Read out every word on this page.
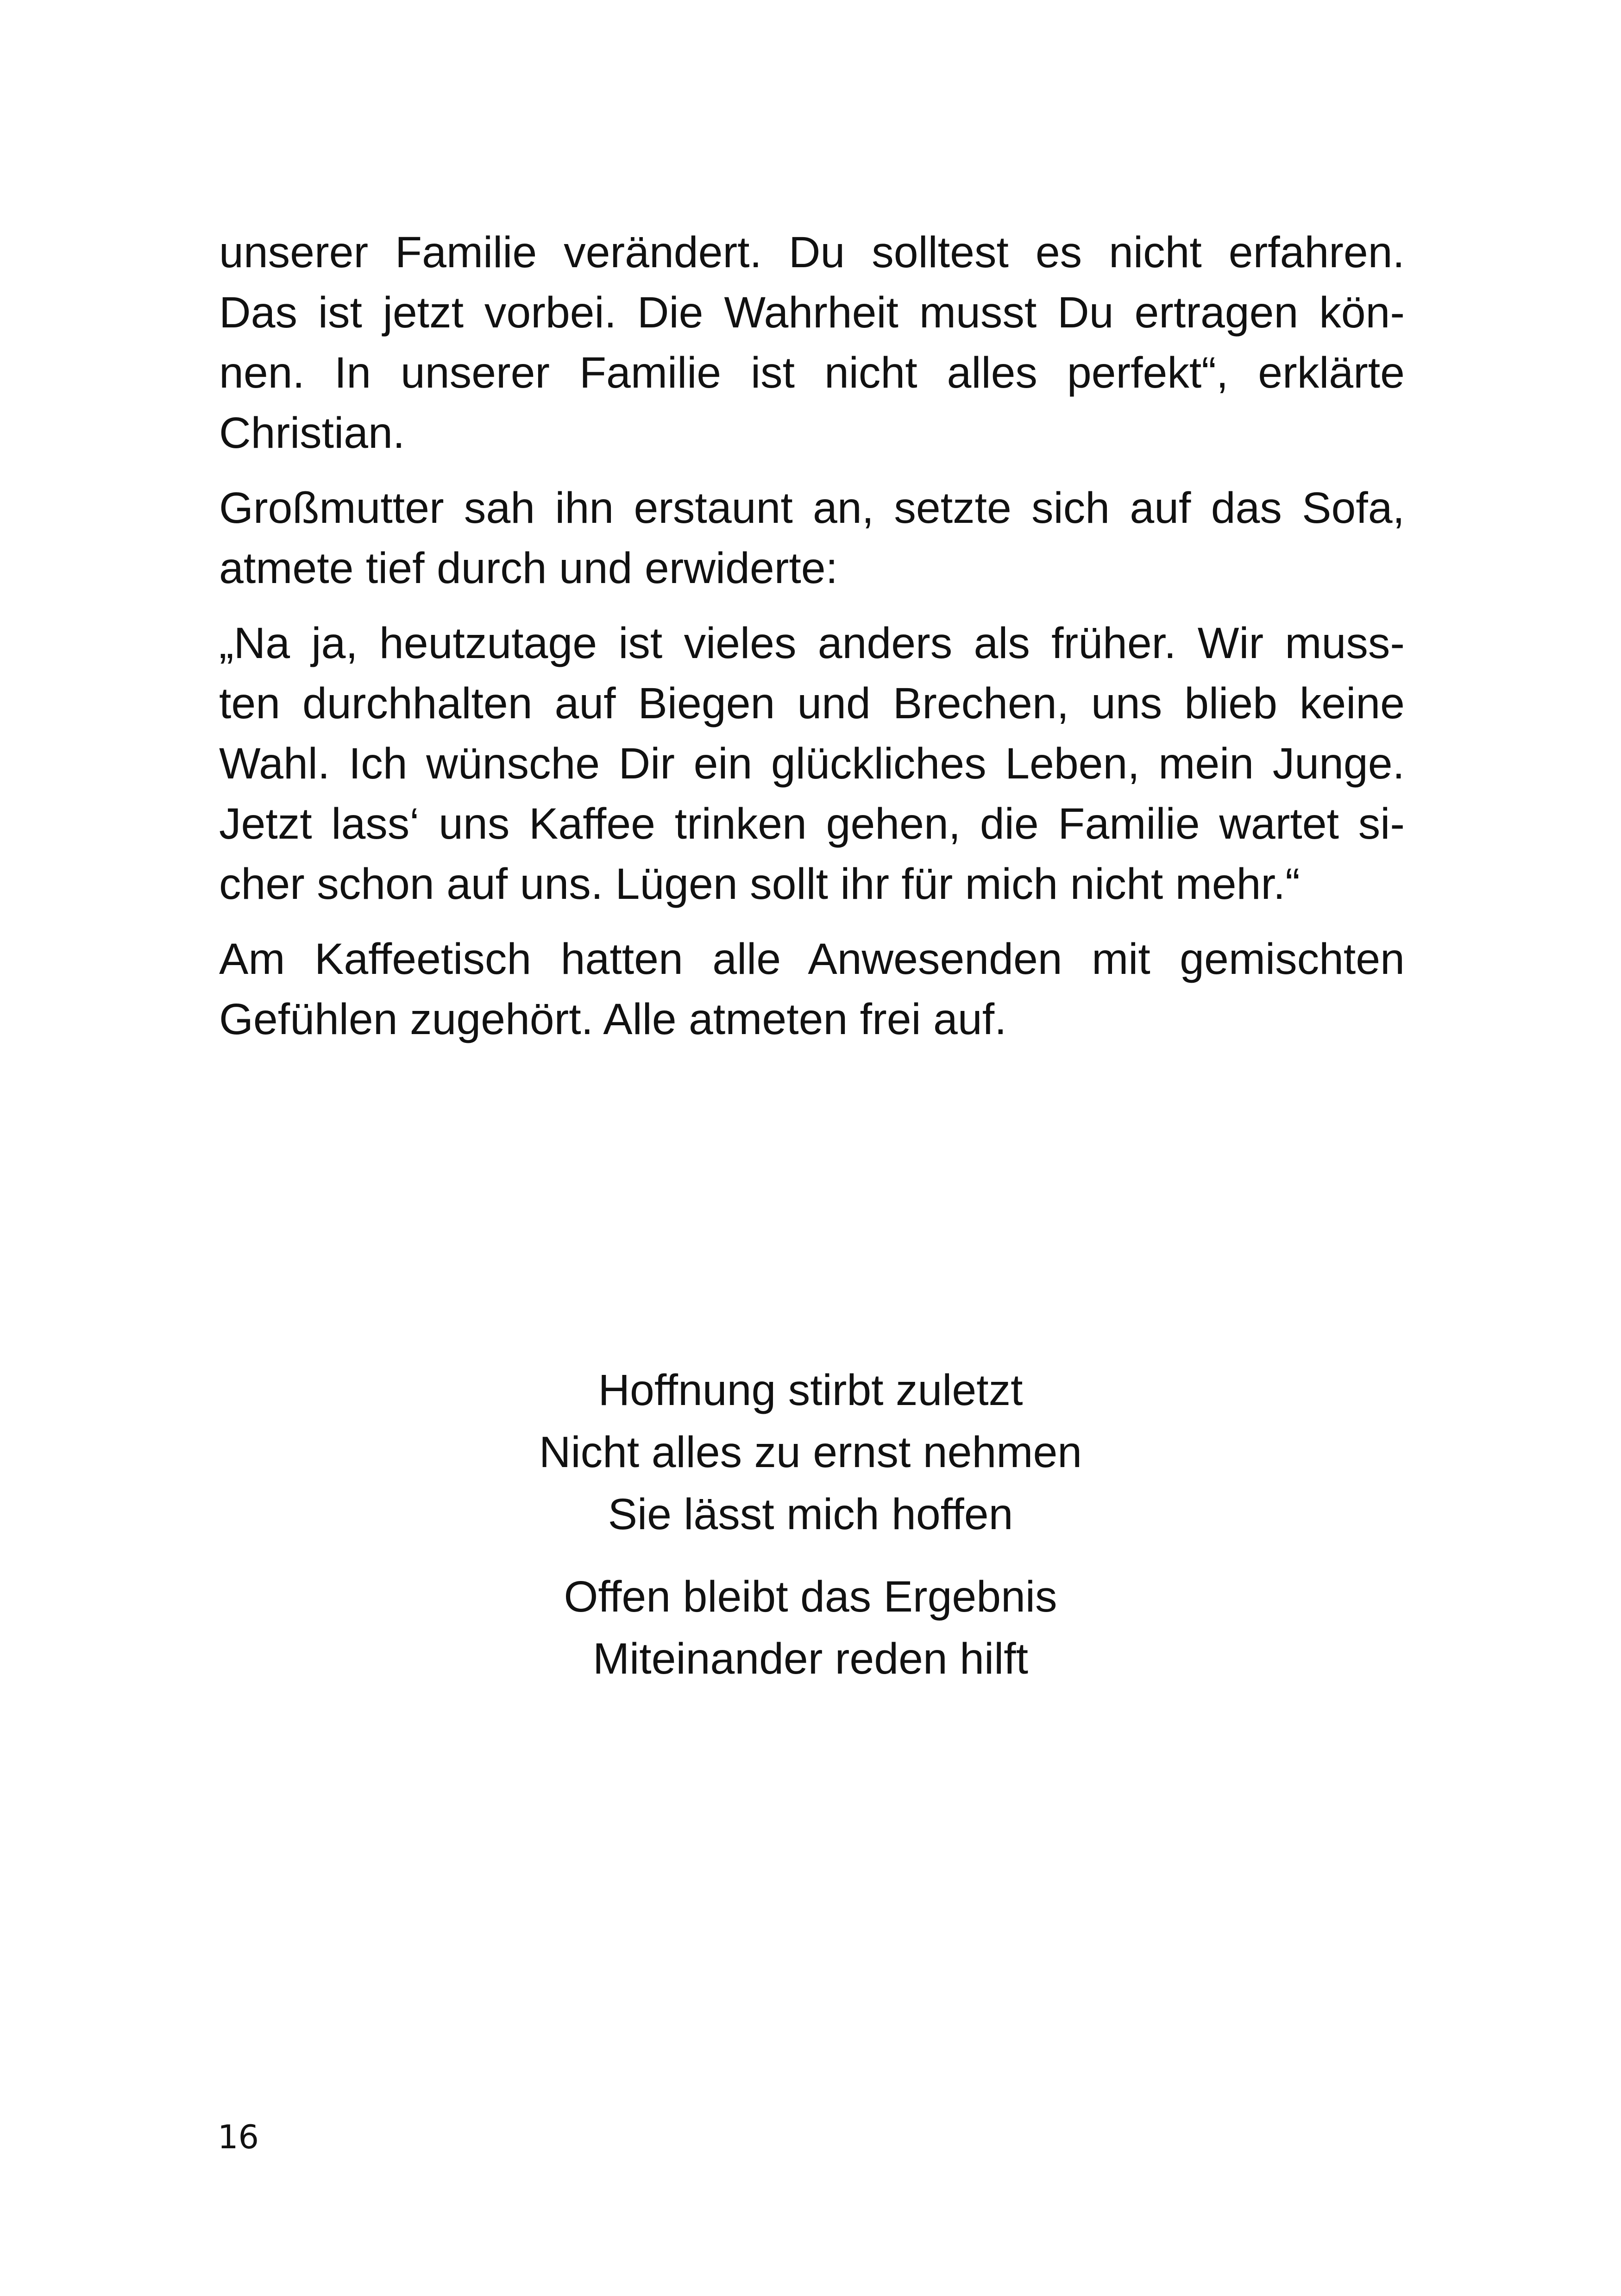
unserer Familie verändert. Du solltest es nicht erfahren.
Das ist jetzt vorbei. Die Wahrheit musst Du ertragen kön-
nen. In unserer Familie ist nicht alles perfekt“, erklärte
Christian.

Großmutter sah ihn erstaunt an, setzte sich auf das Sofa,
atmete tief durch und erwiderte:

„Na ja, heutzutage ist vieles anders als früher. Wir muss-
ten durchhalten auf Biegen und Brechen, uns blieb keine
Wahl. Ich wünsche Dir ein glückliches Leben, mein Junge.
Jetzt lass‘ uns Kaffee trinken gehen, die Familie wartet si-
cher schon auf uns. Lügen sollt ihr für mich nicht mehr.“

Am Kaffeetisch hatten alle Anwesenden mit gemischten
Gefühlen zugehört. Alle atmeten frei auf.

Hoffnung stirbt zuletzt
Nicht alles zu ernst nehmen
Sie lässt mich hoffen
Offen bleibt das Ergebnis
Miteinander reden hilft
16
